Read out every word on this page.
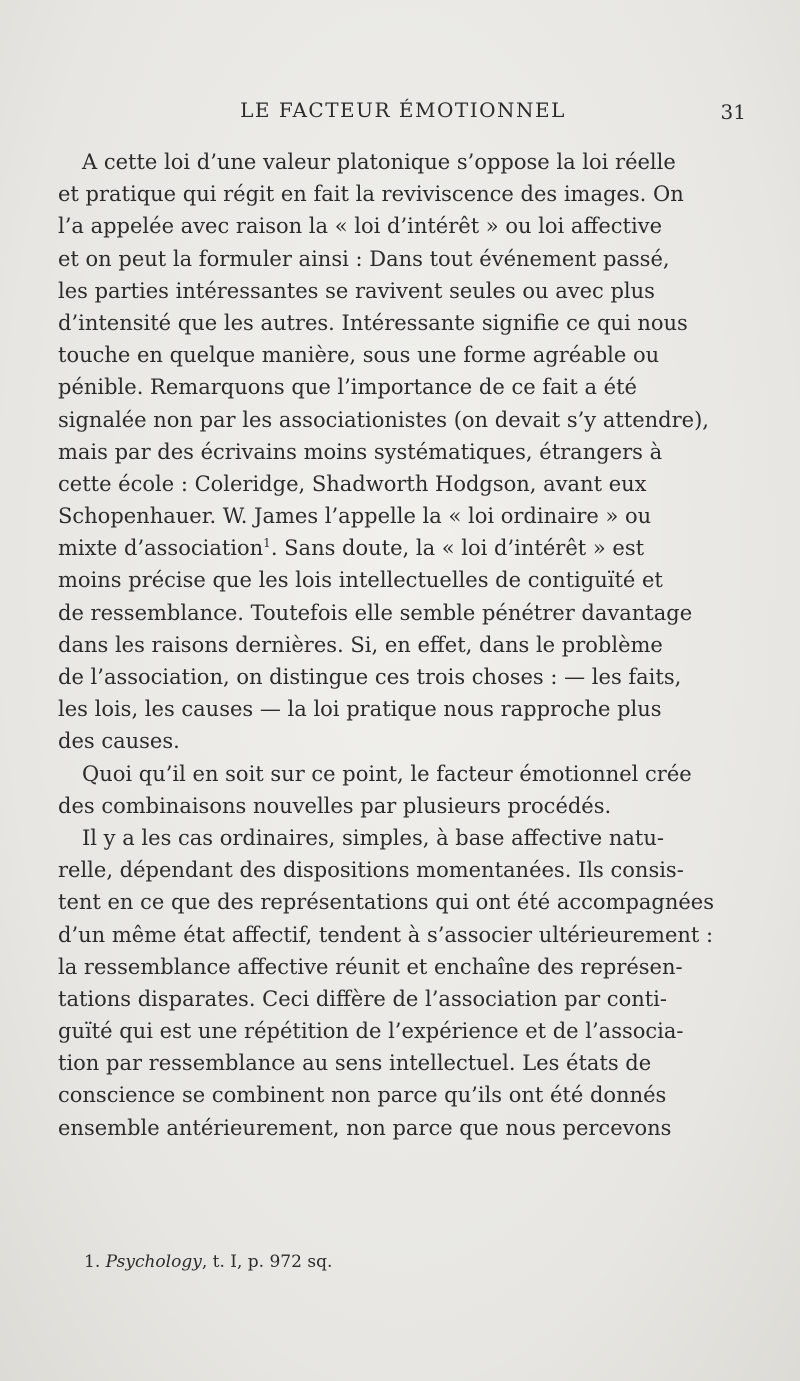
LE FACTEUR ÉMOTIONNEL	31
A cette loi d’une valeur platonique s’oppose la loi réelle
et pratique qui régit en fait la reviviscence des images. On
l’a appelée avec raison la « loi d’intérêt » ou loi affective
et on peut la formuler ainsi : Dans tout événement passé,
les parties intéressantes se ravivent seules ou avec plus
d’intensité que les autres. Intéressante signifie ce qui nous
touche en quelque manière, sous une forme agréable ou
pénible. Remarquons que l’importance de ce fait a été
signalée non par les associationistes (on devait s’y attendre),
mais par des écrivains moins systématiques, étrangers à
cette école : Coleridge, Shadworth Hodgson, avant eux
Schopenhauer. W. James l’appelle la « loi ordinaire » ou
mixte d’association$^1$. Sans doute, la « loi d’intérêt » est
moins précise que les lois intellectuelles de contiguïté et
de ressemblance. Toutefois elle semble pénétrer davantage
dans les raisons dernières. Si, en effet, dans le problème
de l’association, on distingue ces trois choses : — les faits,
les lois, les causes — la loi pratique nous rapproche plus
des causes.
Quoi qu’il en soit sur ce point, le facteur émotionnel crée
des combinaisons nouvelles par plusieurs procédés.
Il y a les cas ordinaires, simples, à base affective natu-
relle, dépendant des dispositions momentanées. Ils consis-
tent en ce que des représentations qui ont été accompagnées
d’un même état affectif, tendent à s’associer ultérieurement :
la ressemblance affective réunit et enchaîne des représen-
tations disparates. Ceci diffère de l’association par conti-
guïté qui est une répétition de l’expérience et de l’associa-
tion par ressemblance au sens intellectuel. Les états de
conscience se combinent non parce qu’ils ont été donnés
ensemble antérieurement, non parce que nous percevons
1. Psychology, t. I, p. 972 sq.
